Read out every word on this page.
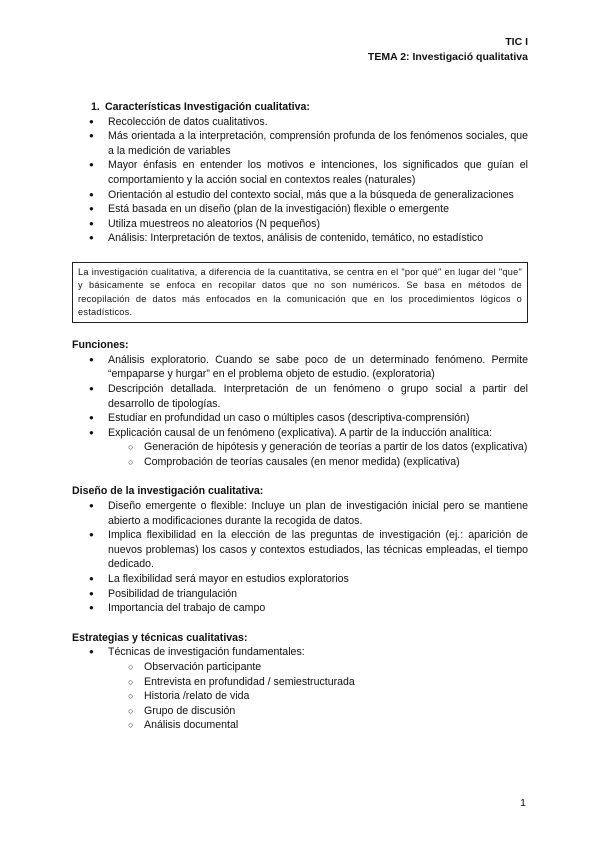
TIC I
TEMA 2: Investigació qualitativa
1. Características Investigación cualitativa:
● Recolección de datos cualitativos.
● Más orientada a la interpretación, comprensión profunda de los fenómenos sociales, que a la medición de variables
● Mayor énfasis en entender los motivos e intenciones, los significados que guían el comportamiento y la acción social en contextos reales (naturales)
● Orientación al estudio del contexto social, más que a la búsqueda de generalizaciones
● Está basada en un diseño (plan de la investigación) flexible o emergente
● Utiliza muestreos no aleatorios (N pequeños)
● Análisis: Interpretación de textos, análisis de contenido, temático, no estadístico
La investigación cualitativa, a diferencia de la cuantitativa, se centra en el "por qué" en lugar del "que" y básicamente se enfoca en recopilar datos que no son numéricos. Se basa en métodos de recopilación de datos más enfocados en la comunicación que en los procedimientos lógicos o estadísticos.
Funciones:
● Análisis exploratorio. Cuando se sabe poco de un determinado fenómeno. Permite “empaparse y hurgar” en el problema objeto de estudio. (exploratoria)
● Descripción detallada. Interpretación de un fenómeno o grupo social a partir del desarrollo de tipologías.
● Estudiar en profundidad un caso o múltiples casos (descriptiva-comprensión)
● Explicación causal de un fenómeno (explicativa). A partir de la inducción analítica:
○ Generación de hipótesis y generación de teorías a partir de los datos (explicativa)
○ Comprobación de teorías causales (en menor medida) (explicativa)
Diseño de la investigación cualitativa:
● Diseño emergente o flexible: Incluye un plan de investigación inicial pero se mantiene abierto a modificaciones durante la recogida de datos.
● Implica flexibilidad en la elección de las preguntas de investigación (ej.: aparición de nuevos problemas) los casos y contextos estudiados, las técnicas empleadas, el tiempo dedicado.
● La flexibilidad será mayor en estudios exploratorios
● Posibilidad de triangulación
● Importancia del trabajo de campo
Estrategias y técnicas cualitativas:
● Técnicas de investigación fundamentales:
○ Observación participante
○ Entrevista en profundidad / semiestructurada
○ Historia /relato de vida
○ Grupo de discusión
○ Análisis documental
1
